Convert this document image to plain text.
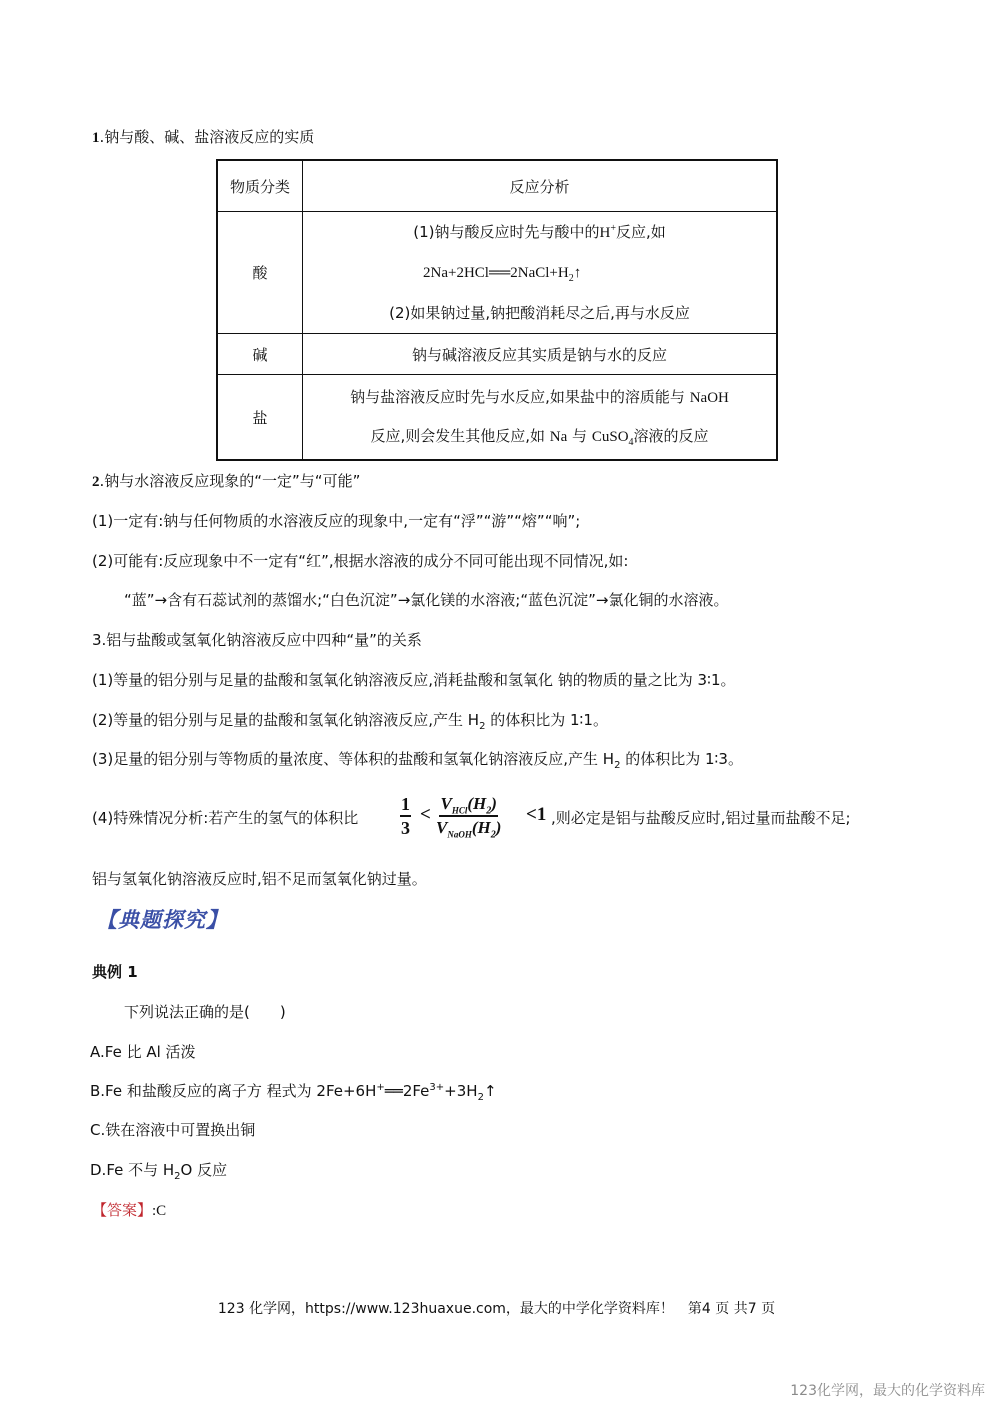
1.钠与酸、碱、盐溶液反应的实质
物质分类	反应分析
酸	(1)钠与酸反应时先与酸中的H+反应,如
$2Na+2HCl══2NaCl+H_2↑$
(2)如果钠过量,钠把酸消耗尽之后,再与水反应

碱	钠与碱溶液反应其实质是钠与水的反应
盐	钠与盐溶液反应时先与水反应,如果盐中的溶质能与 NaOH
反应,则会发生其他反应,如 Na 与 CuSO$_4$溶液的反应
2.钠与水溶液反应现象的“一定”与“可能”
(1)一定有:钠与任何物质的水溶液反应的现象中,一定有“浮”“游”“熔”“响”;
(2)可能有:反应现象中不一定有“红”,根据水溶液的成分不同可能出现不同情况,如:
“蓝”→含有石蕊试剂的蒸馏水;“白色沉淀”→氯化镁的水溶液;“蓝色沉淀”→氯化铜的水溶液。
3.铝与盐酸或氢氧化钠溶液反应中四种“量”的关系
(1)等量的铝分别与足量的盐酸和氢氧化钠溶液反应,消耗盐酸和氢氧化 钠的物质的量之比为 3∶1。
(2)等量的铝分别与足量的盐酸和氢氧化钠溶液反应,产生 $H_2$ 的体积比为 1∶1。
(3)足量的铝分别与等物质的量浓度、等体积的盐酸和氢氧化钠溶液反应,产生 $H_2$ 的体积比为 1∶3。
(4)特殊情况分析:若产生的氢气的体积比 $\frac{1}{3}$ <
$V_{HCl}(H_2)$
$V_{NaOH}(H_2)$
<1 ,则必定是铝与盐酸反应时,铝过量而盐酸不足;
铝与氢氧化钠溶液反应时,铝不足而氢氧化钠过量。
【典题探究】
典例 1
下列说法正确的是(　　)
A.Fe 比 Al 活泼
B.Fe 和盐酸反应的离子方 程式为 $2Fe+6H^+══2Fe^{3+}+3H_2↑$
C.铁在溶液中可置换出铜
D.Fe 不与 $H_2O$ 反应
【答案】:C
123 化学网，https://www.123huaxue.com，最大的中学化学资料库！　第4 页 共7 页
123化学网，最大的化学资料库
